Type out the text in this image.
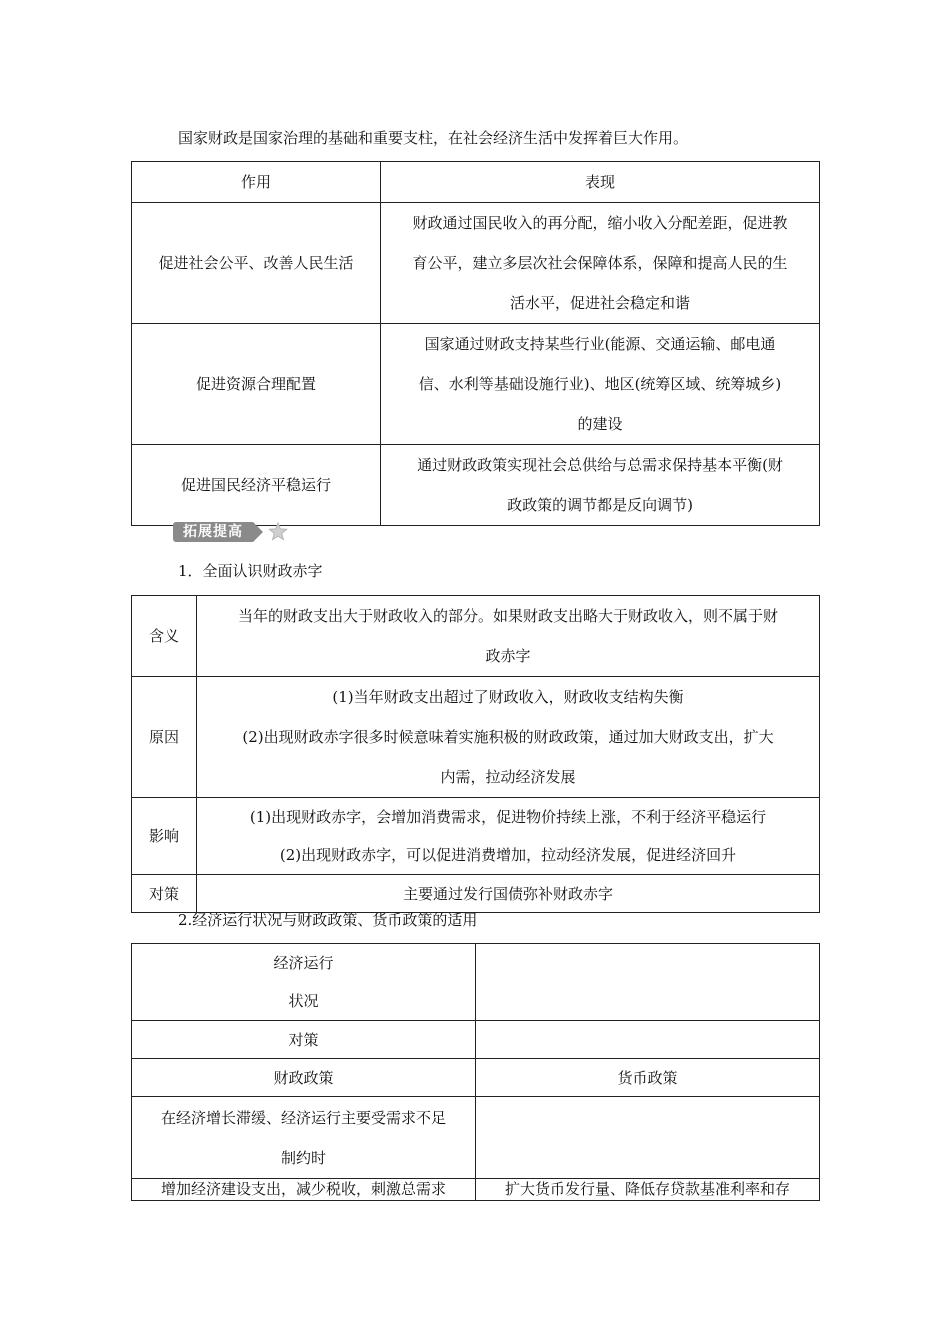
国家财政是国家治理的基础和重要支柱，在社会经济生活中发挥着巨大作用。

作用	表现
促进社会公平、改善人民生活	财政通过国民收入的再分配，缩小收入分配差距，促进教
育公平，建立多层次社会保障体系，保障和提高人民的生
活水平，促进社会稳定和谐

促进资源合理配置	国家通过财政支持某些行业(能源、交通运输、邮电通
信、水利等基础设施行业)、地区(统筹区域、统筹城乡)
的建设

促进国民经济平稳运行	通过财政政策实现社会总供给与总需求保持基本平衡(财
政政策的调节都是反向调节)
拓展提高

1．全面认识财政赤字

含义	当年的财政支出大于财政收入的部分。如果财政支出略大于财政收入，则不属于财
政赤字

原因	(1)当年财政支出超过了财政收入，财政收支结构失衡
(2)出现财政赤字很多时候意味着实施积极的财政政策，通过加大财政支出，扩大
内需，拉动经济发展

影响	(1)出现财政赤字，会增加消费需求，促进物价持续上涨，不利于经济平稳运行
(2)出现财政赤字，可以促进消费增加，拉动经济发展，促进经济回升

对策	主要通过发行国债弥补财政赤字

2.经济运行状况与财政政策、货币政策的适用

经济运行
状况	

对策	
财政政策	货币政策

在经济增长滞缓、经济运行主要受需求不足
制约时	

增加经济建设支出，减少税收，刺激总需求	扩大货币发行量、降低存贷款基准利率和存
